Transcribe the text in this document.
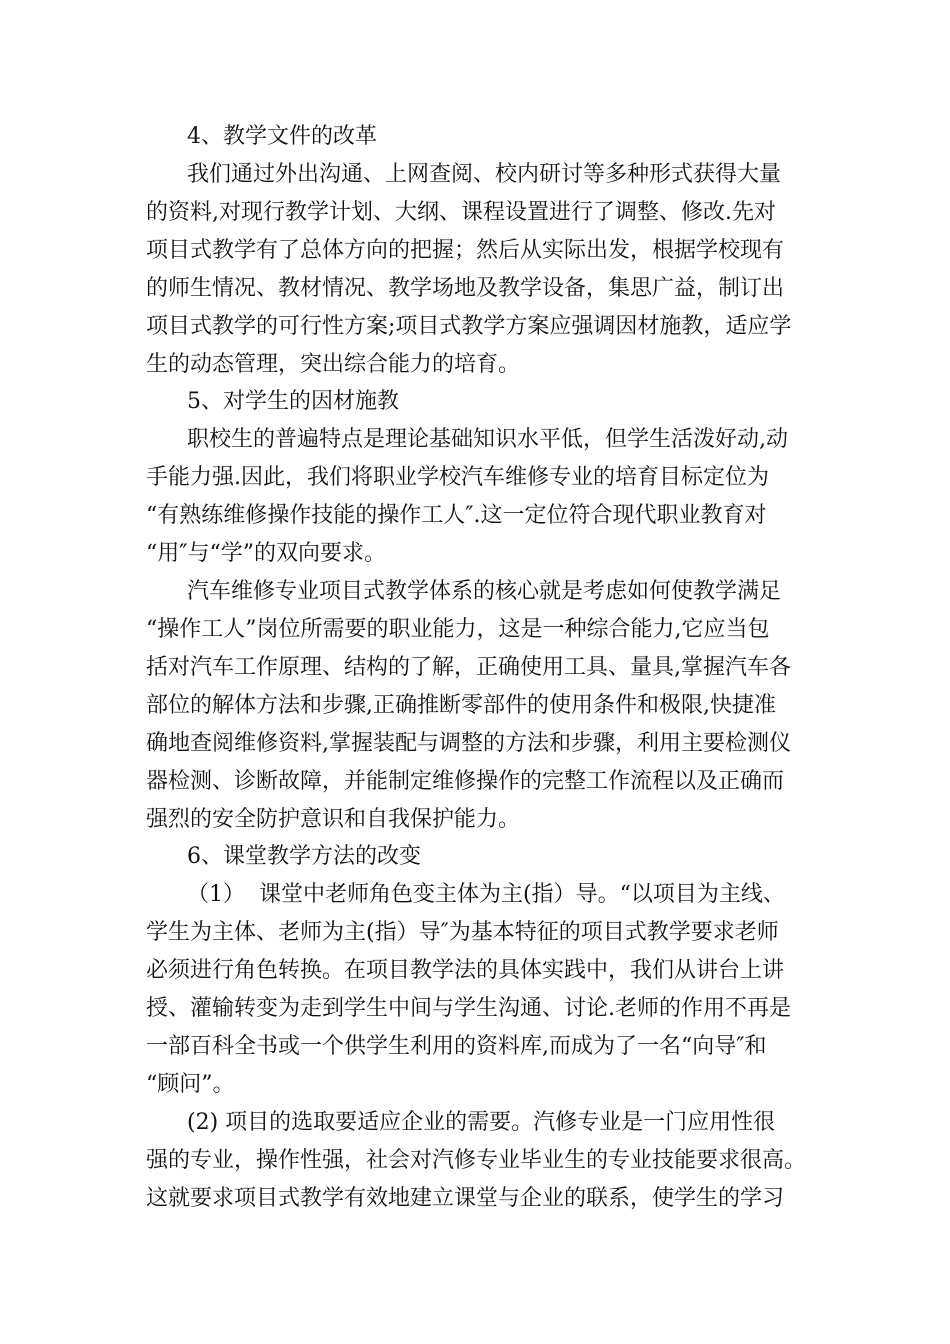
4、教学文件的改革
我们通过外出沟通、上网查阅、校内研讨等多种形式获得大量
的资料,对现行教学计划、大纲、课程设置进行了调整、修改.先对
项目式教学有了总体方向的把握；然后从实际出发，根据学校现有
的师生情况、教材情况、教学场地及教学设备，集思广益，制订出
项目式教学的可行性方案;项目式教学方案应强调因材施教，适应学
生的动态管理，突出综合能力的培育。
5、对学生的因材施教
职校生的普遍特点是理论基础知识水平低，但学生活泼好动,动
手能力强.因此，我们将职业学校汽车维修专业的培育目标定位为
“有熟练维修操作技能的操作工人″.这一定位符合现代职业教育对
“用″与“学”的双向要求。
汽车维修专业项目式教学体系的核心就是考虑如何使教学满足
“操作工人”岗位所需要的职业能力，这是一种综合能力,它应当包
括对汽车工作原理、结构的了解，正确使用工具、量具,掌握汽车各
部位的解体方法和步骤,正确推断零部件的使用条件和极限,快捷准
确地查阅维修资料,掌握装配与调整的方法和步骤，利用主要检测仪
器检测、诊断故障，并能制定维修操作的完整工作流程以及正确而
强烈的安全防护意识和自我保护能力。
6、课堂教学方法的改变
（1）  课堂中老师角色变主体为主(指）导。“以项目为主线、
学生为主体、老师为主(指）导″为基本特征的项目式教学要求老师
必须进行角色转换。在项目教学法的具体实践中，我们从讲台上讲
授、灌输转变为走到学生中间与学生沟通、讨论.老师的作用不再是
一部百科全书或一个供学生利用的资料库,而成为了一名“向导″和
“顾问”。
(2) 项目的选取要适应企业的需要。汽修专业是一门应用性很
强的专业，操作性强，社会对汽修专业毕业生的专业技能要求很高。
这就要求项目式教学有效地建立课堂与企业的联系，使学生的学习
